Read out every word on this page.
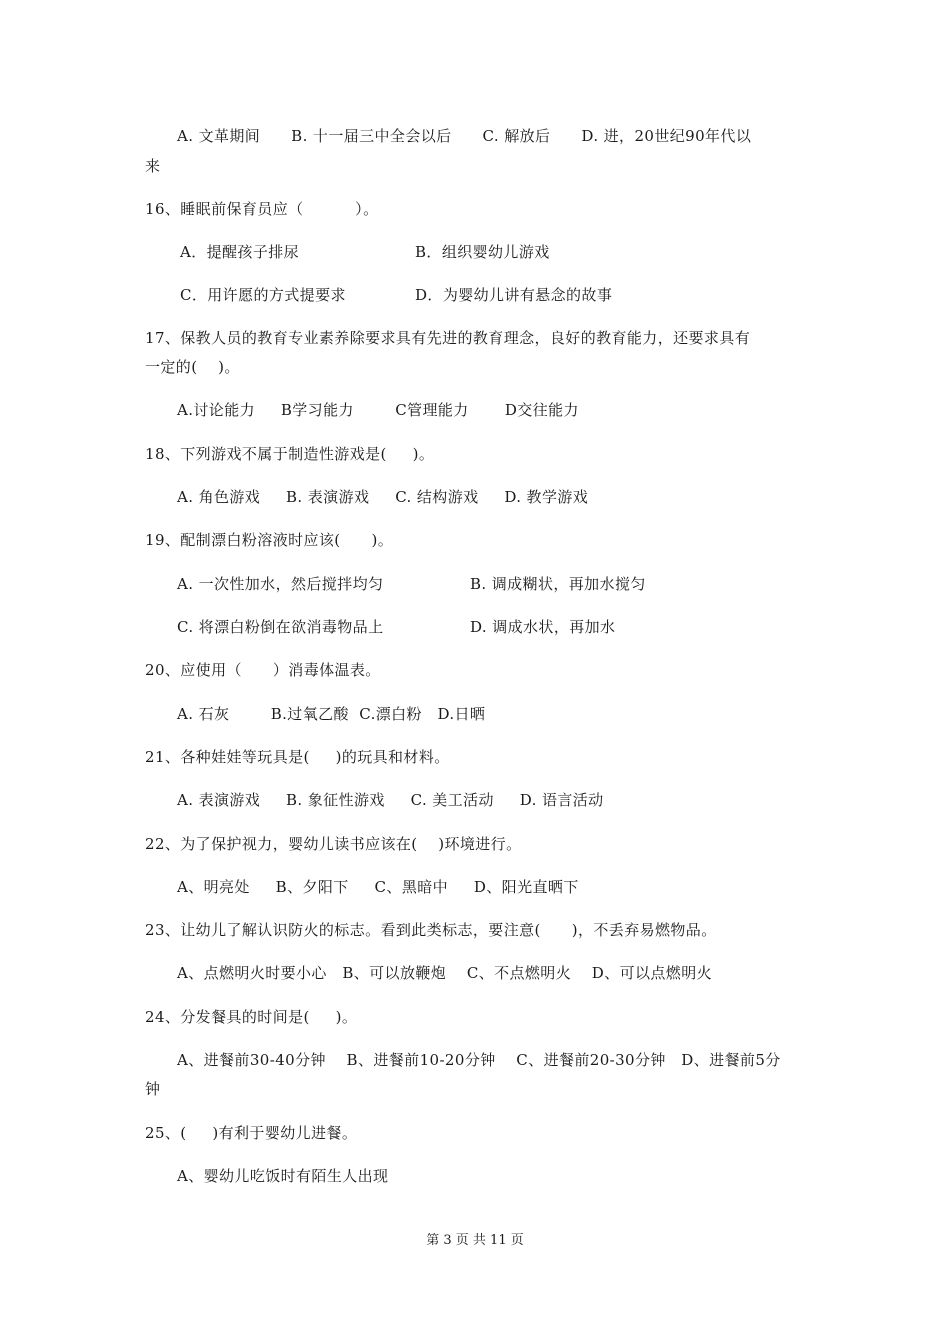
A. 文革期间      B. 十一届三中全会以后      C. 解放后      D. 进，20世纪90年代以
来
16、睡眠前保育员应（          ）。
A．提醒孩子排尿	B．组织婴幼儿游戏
C．用许愿的方式提要求	D．为婴幼儿讲有悬念的故事
17、保教人员的教育专业素养除要求具有先进的教育理念，良好的教育能力，还要求具有
一定的(    )。
A.讨论能力     B学习能力        C管理能力       D交往能力
18、下列游戏不属于制造性游戏是(     )。
A. 角色游戏     B. 表演游戏     C. 结构游戏     D. 教学游戏
19、配制漂白粉溶液时应该(      )。
A. 一次性加水，然后搅拌均匀	B. 调成糊状，再加水搅匀
C. 将漂白粉倒在欲消毒物品上	D. 调成水状，再加水
20、应使用（      ）消毒体温表。
A. 石灰        B.过氧乙酸  C.漂白粉   D.日晒
21、各种娃娃等玩具是(     )的玩具和材料。
A. 表演游戏     B. 象征性游戏     C. 美工活动     D. 语言活动
22、为了保护视力，婴幼儿读书应该在(    )环境进行。
A、明亮处     B、夕阳下     C、黑暗中     D、阳光直晒下
23、让幼儿了解认识防火的标志。看到此类标志，要注意(      )，不丢弃易燃物品。
A、点燃明火时要小心   B、可以放鞭炮    C、不点燃明火    D、可以点燃明火
24、分发餐具的时间是(     )。
A、进餐前30-40分钟    B、进餐前10-20分钟    C、进餐前20-30分钟   D、进餐前5分
钟
25、(     )有利于婴幼儿进餐。
A、婴幼儿吃饭时有陌生人出现
第 3 页 共 11 页
